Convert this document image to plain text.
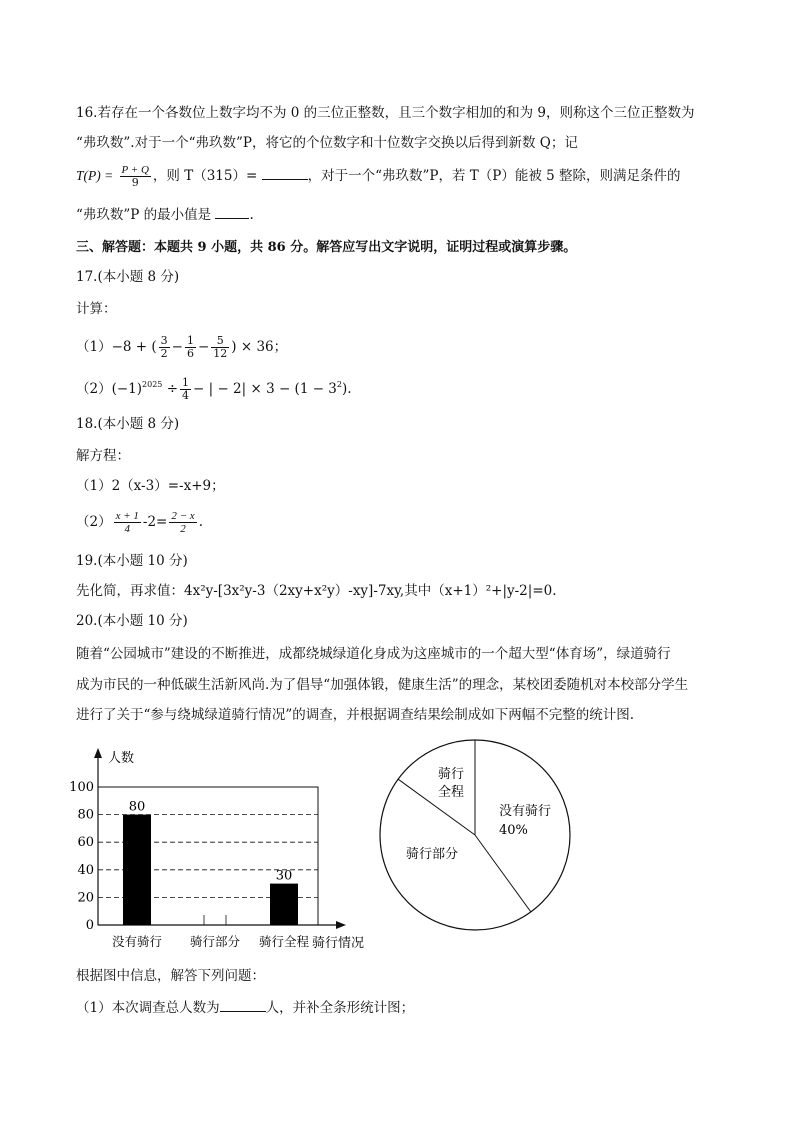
16.若存在一个各数位上数字均不为 0 的三位正整数，且三个数字相加的和为 9，则称这个三位正整数为
“弗玖数”.对于一个“弗玖数”P，将它的个位数字和十位数字交换以后得到新数 Q；记
$T(P) = \frac{P + Q}{9}$ ，则 T（315）=	，对于一个“弗玖数”P，若 T（P）能被 5 整除，则满足条件的
“弗玖数”P 的最小值是	.
三、解答题：本题共 9 小题，共 86 分。解答应写出文字说明，证明过程或演算步骤。
17.(本小题 8 分)
计算：
（1）−8 + ( $\frac{3}{2} - \frac{1}{6} - \frac{5}{12}$ ) × 36；
$(2)(-1)^{2025} \div \frac{1}{4}$ − | − $2| \times 3 - (1 - 3^2)$.
18.(本小题 8 分)
解方程：
（1）2（x-3）=-x+9；
$(2) \frac{x + 1}{4} -2= \frac{2 - x}{2}$ .
19.(本小题 10 分)
先化简，再求值：4x²y-[3x²y-3（2xy+x²y）-xy]-7xy,其中（x+1）²+|y-2|=0.
20.(本小题 10 分)
随着“公园城市”建设的不断推进，成都绕城绿道化身成为这座城市的一个超大型“体育场”，绿道骑行
成为市民的一种低碳生活新风尚.为了倡导“加强体锻，健康生活”的理念，某校团委随机对本校部分学生
进行了关于“参与绕城绿道骑行情况”的调查，并根据调查结果绘制成如下两幅不完整的统计图.
0
20
40
60
80
100
人数
骑行情况
80
没有骑行 骑行部分
30
骑行全程
没有骑行
40%
骑行部分
骑行
全程
根据图中信息，解答下列问题：
（1）本次调查总人数为	人，并补全条形统计图；
